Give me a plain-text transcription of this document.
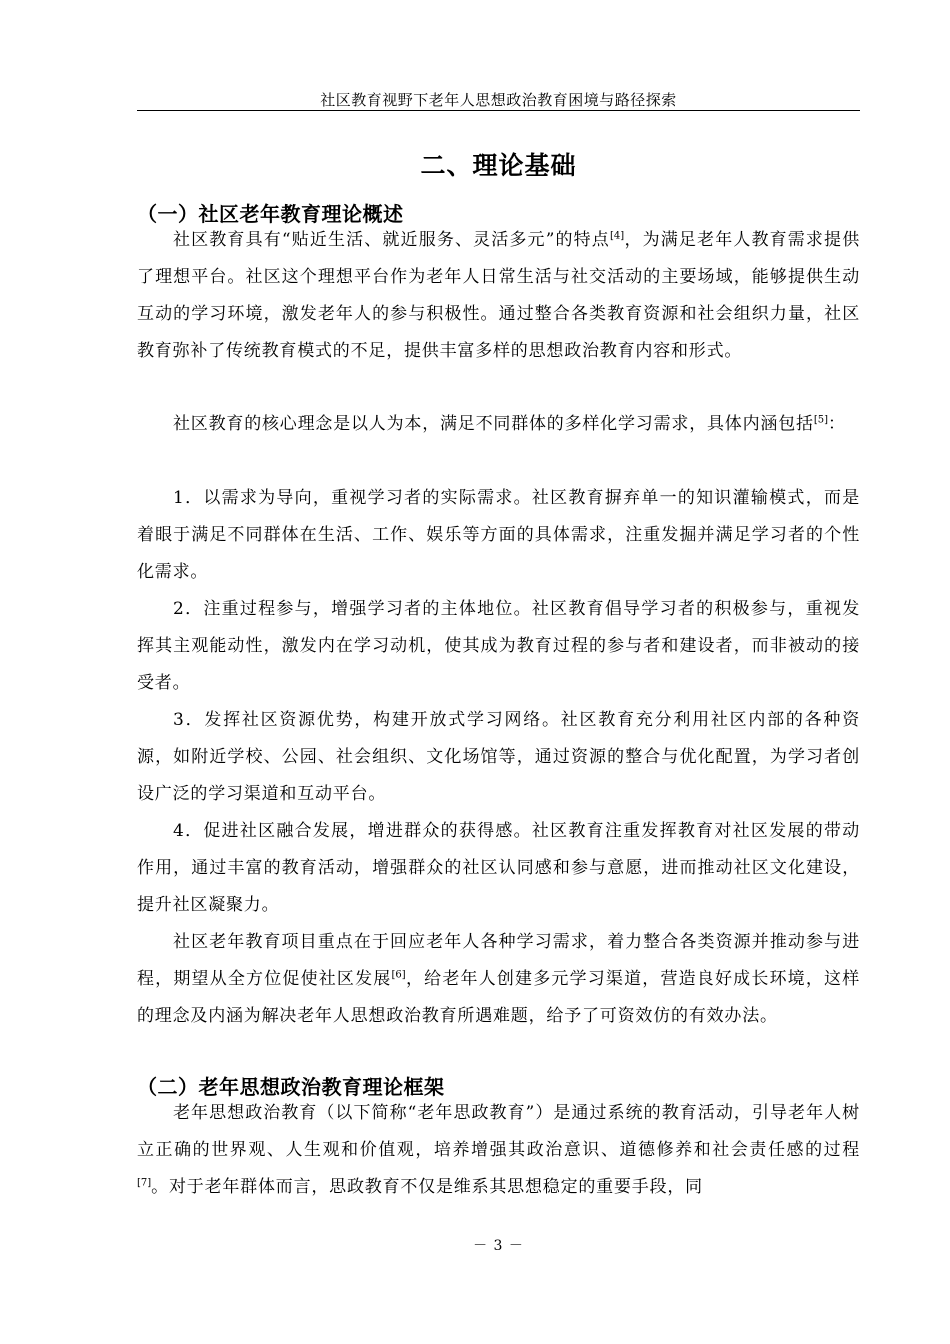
社区教育视野下老年人思想政治教育困境与路径探索
二、理论基础
（一）社区老年教育理论概述

社区教育具有“贴近生活、就近服务、灵活多元”的特点[4]，为满足老年人教育需求提供了理想平台。社区这个理想平台作为老年人日常生活与社交活动的主要场域，能够提供生动互动的学习环境，激发老年人的参与积极性。通过整合各类教育资源和社会组织力量，社区教育弥补了传统教育模式的不足，提供丰富多样的思想政治教育内容和形式。

社区教育的核心理念是以人为本，满足不同群体的多样化学习需求，具体内涵包括[5]：

1．以需求为导向，重视学习者的实际需求。社区教育摒弃单一的知识灌输模式，而是着眼于满足不同群体在生活、工作、娱乐等方面的具体需求，注重发掘并满足学习者的个性化需求。

2．注重过程参与，增强学习者的主体地位。社区教育倡导学习者的积极参与，重视发挥其主观能动性，激发内在学习动机，使其成为教育过程的参与者和建设者，而非被动的接受者。

3．发挥社区资源优势，构建开放式学习网络。社区教育充分利用社区内部的各种资源，如附近学校、公园、社会组织、文化场馆等，通过资源的整合与优化配置，为学习者创设广泛的学习渠道和互动平台。

4．促进社区融合发展，增进群众的获得感。社区教育注重发挥教育对社区发展的带动作用，通过丰富的教育活动，增强群众的社区认同感和参与意愿，进而推动社区文化建设，提升社区凝聚力。

社区老年教育项目重点在于回应老年人各种学习需求，着力整合各类资源并推动参与进程，期望从全方位促使社区发展[6]，给老年人创建多元学习渠道，营造良好成长环境，这样的理念及内涵为解决老年人思想政治教育所遇难题，给予了可资效仿的有效办法。

（二）老年思想政治教育理论框架

老年思想政治教育（以下简称“老年思政教育”）是通过系统的教育活动，引导老年人树立正确的世界观、人生观和价值观，培养增强其政治意识、道德修养和社会责任感的过程[7]。对于老年群体而言，思政教育不仅是维系其思想稳定的重要手段，同

－ 3 －
